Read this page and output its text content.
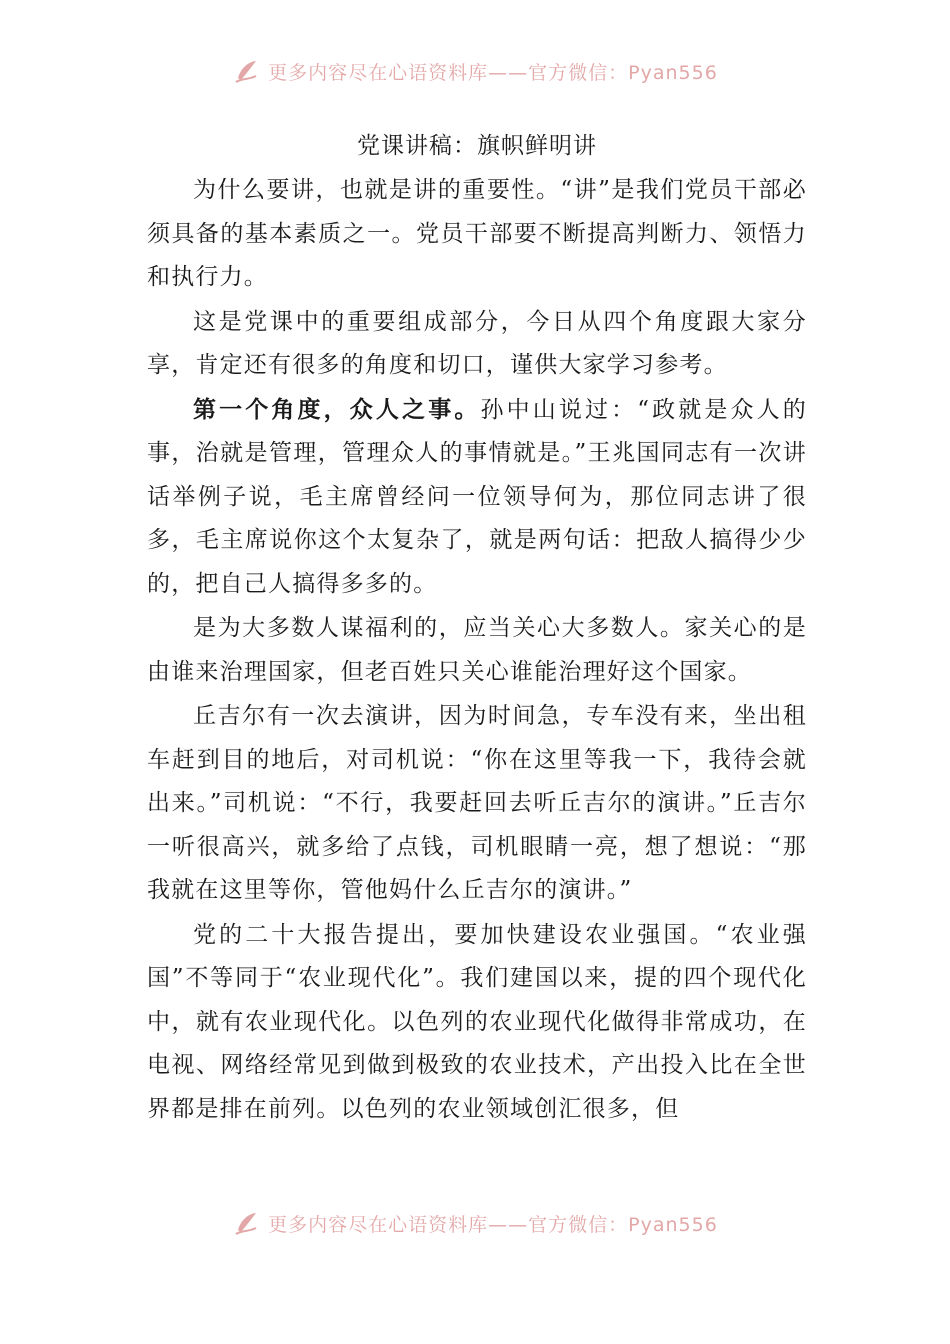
更多内容尽在心语资料库——官方微信：Pyan556
党课讲稿：旗帜鲜明讲

为什么要讲，也就是讲的重要性。“讲”是我们党员干部必须具备的基本素质之一。党员干部要不断提高判断力、领悟力和执行力。

这是党课中的重要组成部分，今日从四个角度跟大家分享，肯定还有很多的角度和切口，谨供大家学习参考。

第一个角度，众人之事。孙中山说过：“政就是众人的事，治就是管理，管理众人的事情就是。”王兆国同志有一次讲话举例子说，毛主席曾经问一位领导何为，那位同志讲了很多，毛主席说你这个太复杂了，就是两句话：把敌人搞得少少的，把自己人搞得多多的。

是为大多数人谋福利的，应当关心大多数人。家关心的是由谁来治理国家，但老百姓只关心谁能治理好这个国家。

丘吉尔有一次去演讲，因为时间急，专车没有来，坐出租车赶到目的地后，对司机说：“你在这里等我一下，我待会就出来。”司机说：“不行，我要赶回去听丘吉尔的演讲。”丘吉尔一听很高兴，就多给了点钱，司机眼睛一亮，想了想说：“那我就在这里等你，管他妈什么丘吉尔的演讲。”

党的二十大报告提出，要加快建设农业强国。“农业强国”不等同于“农业现代化”。我们建国以来，提的四个现代化中，就有农业现代化。以色列的农业现代化做得非常成功，在电视、网络经常见到做到极致的农业技术，产出投入比在全世界都是排在前列。以色列的农业领域创汇很多，但

更多内容尽在心语资料库——官方微信：Pyan556
